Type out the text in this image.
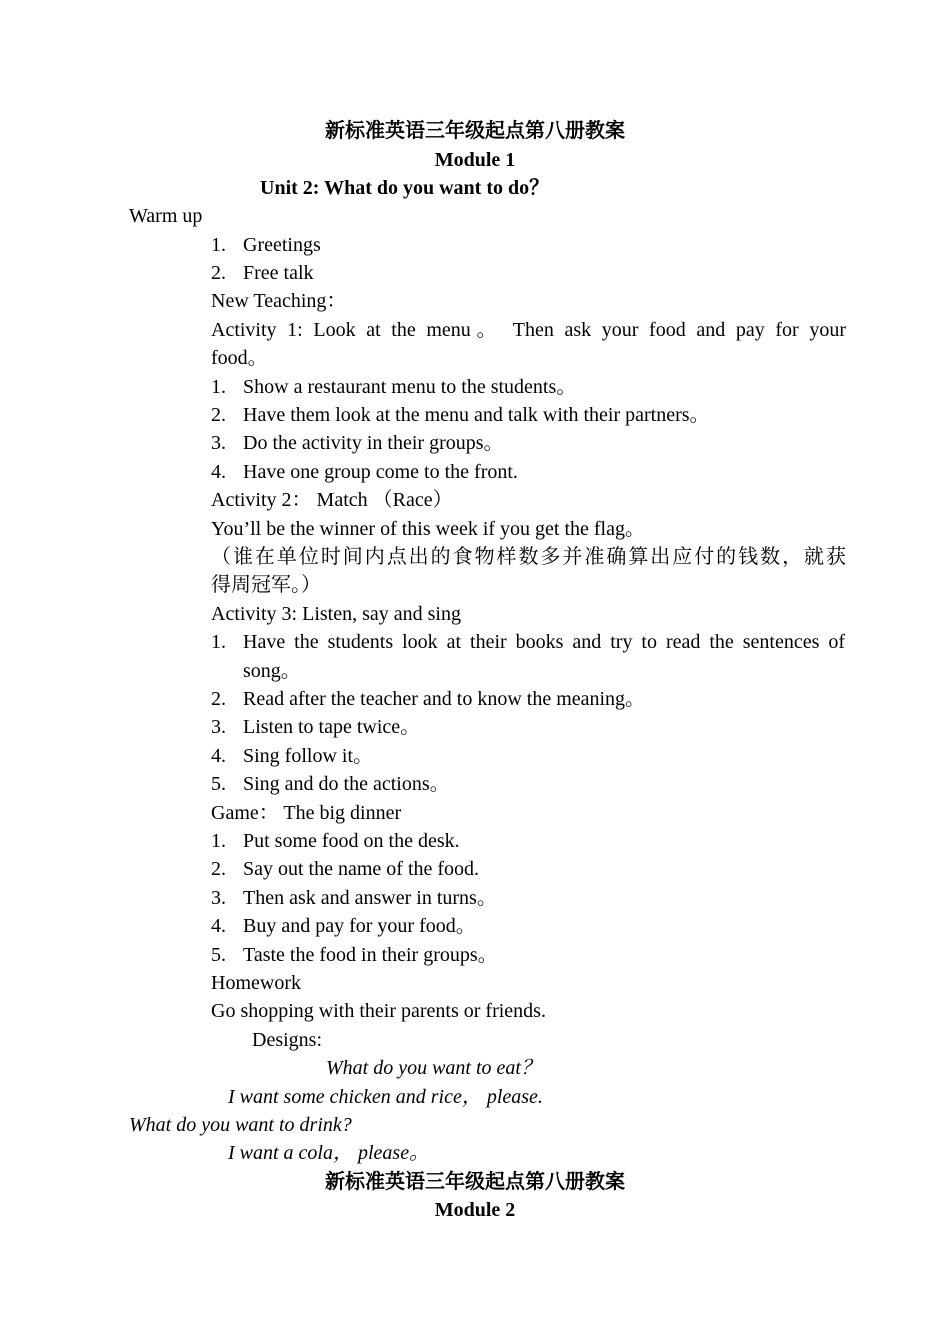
新标准英语三年级起点第八册教案
Module 1
Unit 2: What do you want to do？
Warm up
1. Greetings
2. Free talk
New Teaching：
Activity 1: Look at the menu。 Then ask your food and pay for your
food。
1. Show a restaurant menu to the students。
2. Have them look at the menu and talk with their partners。
3. Do the activity in their groups。
4. Have one group come to the front.
Activity 2： Match （Race）
You’ll be the winner of this week if you get the flag。
（谁在单位时间内点出的食物样数多并准确算出应付的钱数，就获
得周冠军。）
Activity 3: Listen, say and sing
1. Have the students look at their books and try to read the sentences of
song。
2. Read after the teacher and to know the meaning。
3. Listen to tape twice。
4. Sing follow it。
5. Sing and do the actions。
Game： The big dinner
1. Put some food on the desk.
2. Say out the name of the food.
3. Then ask and answer in turns。
4. Buy and pay for your food。
5. Taste the food in their groups。
Homework
Go shopping with their parents or friends.
Designs:
What do you want to eat？
I want some chicken and rice， please.
What do you want to drink?
I want a cola， please。
新标准英语三年级起点第八册教案
Module 2
